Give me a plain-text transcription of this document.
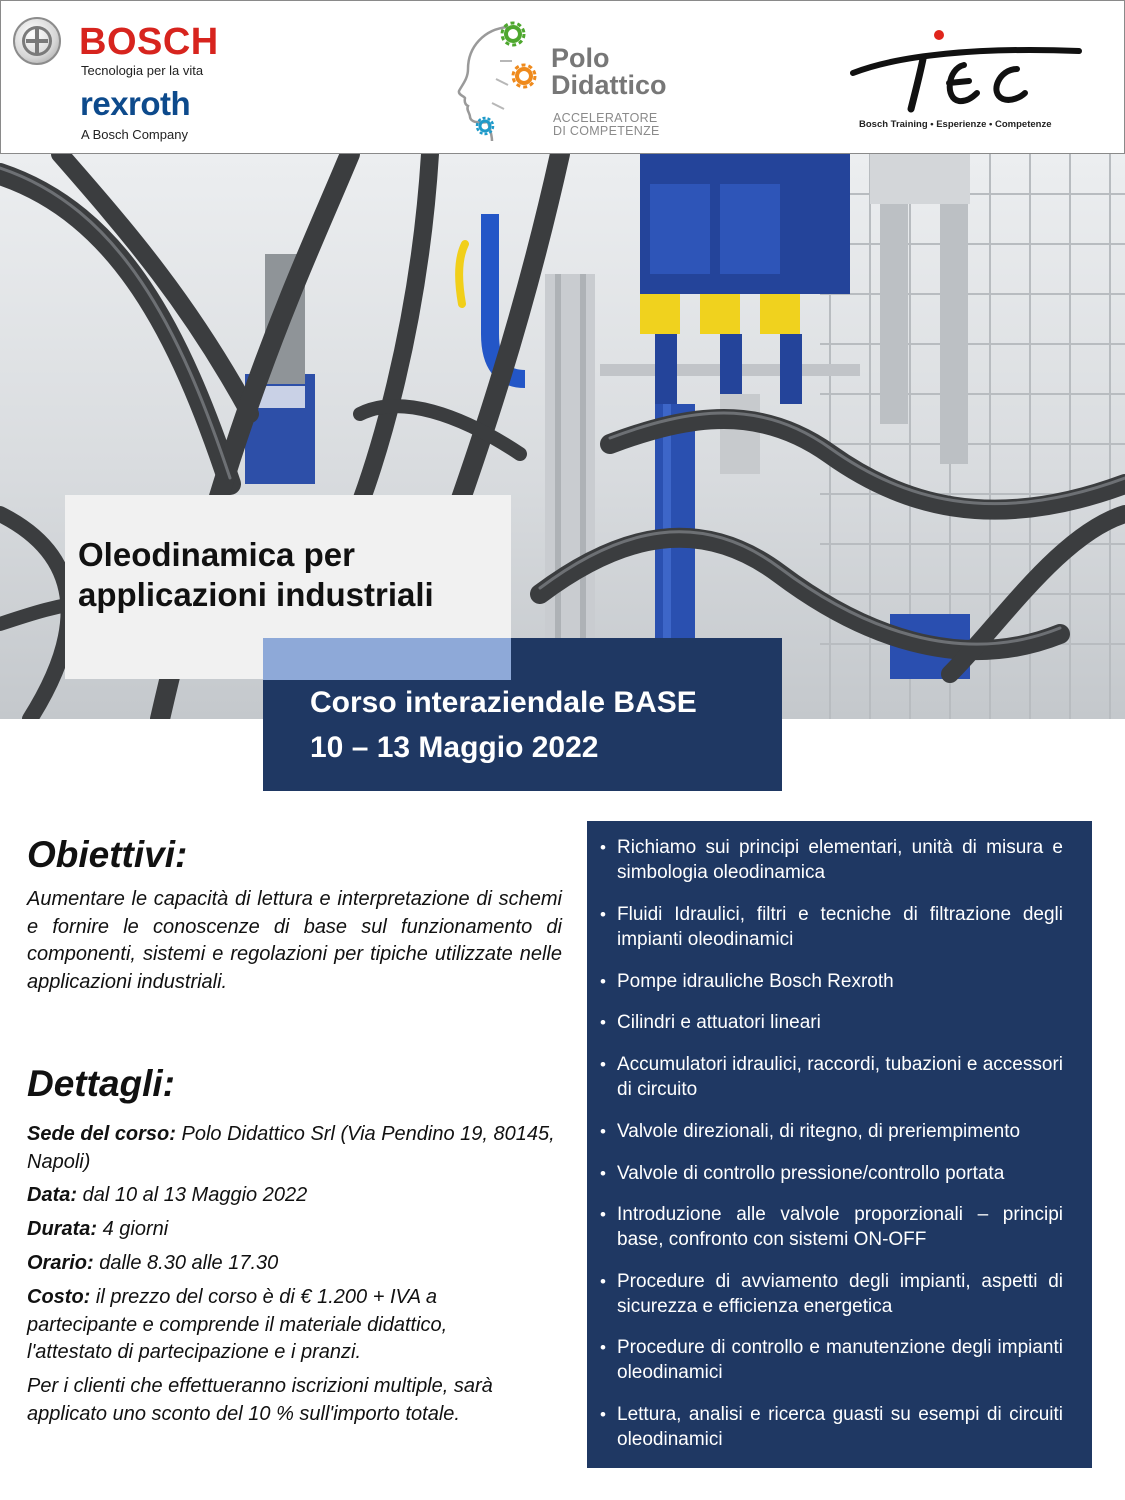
BOSCH
Tecnologia per la vita
rexroth
A Bosch Company
Polo
Didattico
ACCELERATORE
DI COMPETENZE	Bosch Training • Esperienze • Competenze
Oleodinamica per
applicazioni industriali
Corso interaziendale BASE
10 – 13 Maggio 2022
Obiettivi:
Aumentare le capacità di lettura e interpretazione di schemi e fornire le conoscenze di base sul funzionamento di componenti, sistemi e regolazioni per tipiche utilizzate nelle applicazioni industriali.
Dettagli:
Sede del corso: Polo Didattico Srl (Via Pendino 19, 80145, Napoli)
Data: dal 10 al 13 Maggio 2022
Durata: 4 giorni
Orario: dalle 8.30 alle 17.30
Costo: il prezzo del corso è di € 1.200 + IVA a partecipante e comprende il materiale didattico, l'attestato di partecipazione e i pranzi.
Per i clienti che effettueranno iscrizioni multiple, sarà applicato uno sconto del 10 % sull'importo totale.
• Richiamo sui principi elementari, unità di misura e simbologia oleodinamica
• Fluidi Idraulici, filtri e tecniche di filtrazione degli impianti oleodinamici
• Pompe idrauliche Bosch Rexroth
• Cilindri e attuatori lineari
• Accumulatori idraulici, raccordi, tubazioni e accessori di circuito
• Valvole direzionali, di ritegno, di preriempimento
• Valvole di controllo pressione/controllo portata
• Introduzione alle valvole proporzionali – principi base, confronto con sistemi ON-OFF
• Procedure di avviamento degli impianti, aspetti di sicurezza e efficienza energetica
• Procedure di controllo e manutenzione degli impianti oleodinamici
• Lettura, analisi e ricerca guasti su esempi di circuiti oleodinamici
